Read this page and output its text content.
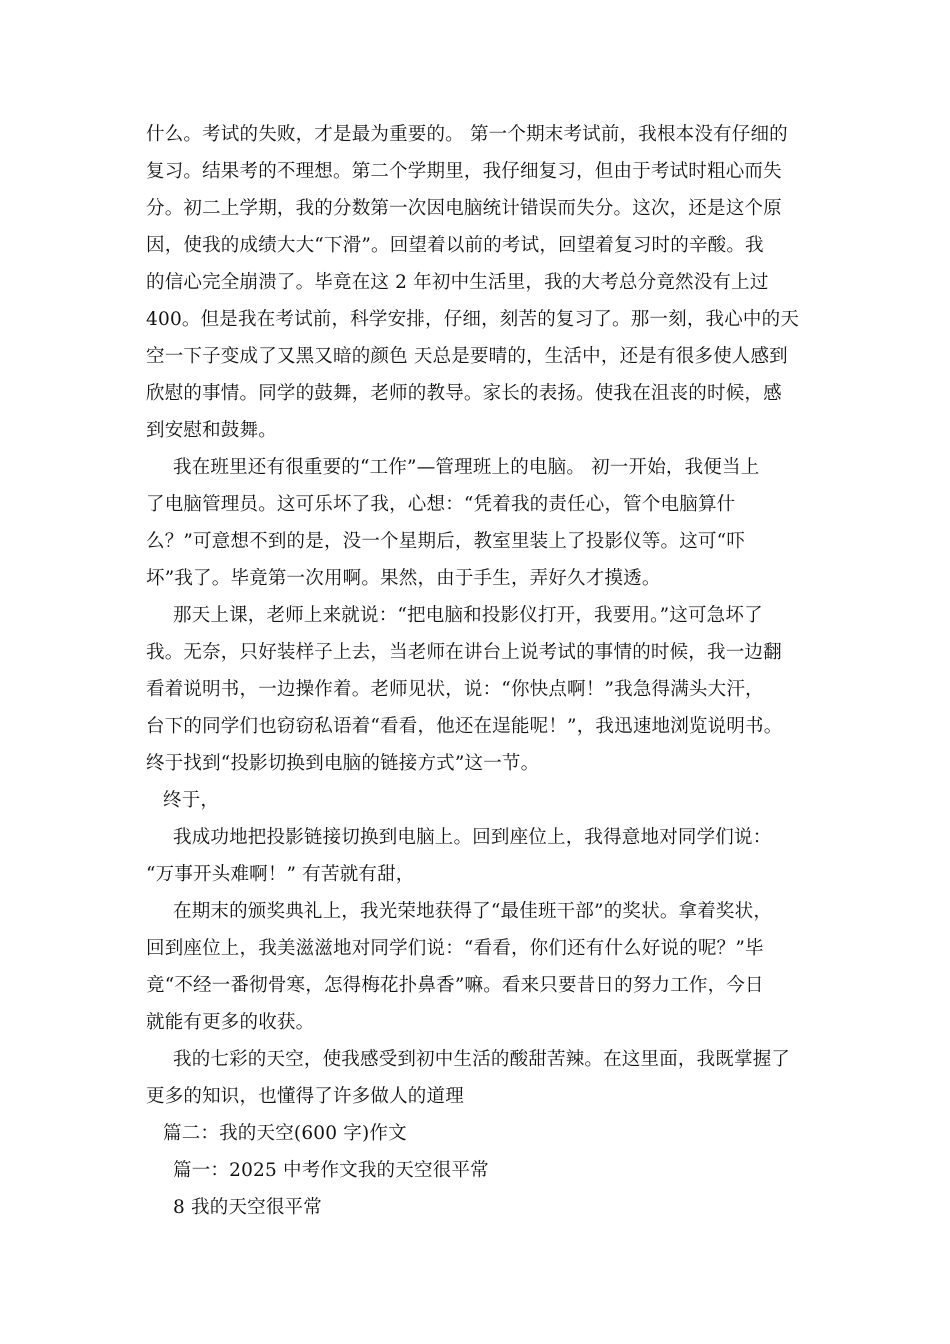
什么。考试的失败，才是最为重要的。 第一个期末考试前，我根本没有仔细的
复习。结果考的不理想。第二个学期里，我仔细复习，但由于考试时粗心而失
分。初二上学期，我的分数第一次因电脑统计错误而失分。这次，还是这个原
因，使我的成绩大大“下滑”。回望着以前的考试，回望着复习时的辛酸。我
的信心完全崩溃了。毕竟在这 2 年初中生活里，我的大考总分竟然没有上过
400。但是我在考试前，科学安排，仔细，刻苦的复习了。那一刻，我心中的天
空一下子变成了又黑又暗的颜色 天总是要晴的，生活中，还是有很多使人感到
欣慰的事情。同学的鼓舞，老师的教导。家长的表扬。使我在沮丧的时候，感
到安慰和鼓舞。
我在班里还有很重要的“工作”—管理班上的电脑。 初一开始，我便当上
了电脑管理员。这可乐坏了我，心想：“凭着我的责任心，管个电脑算什
么？”可意想不到的是，没一个星期后，教室里装上了投影仪等。这可“吓
坏”我了。毕竟第一次用啊。果然，由于手生，弄好久才摸透。
那天上课，老师上来就说：“把电脑和投影仪打开，我要用。”这可急坏了
我。无奈，只好装样子上去，当老师在讲台上说考试的事情的时候，我一边翻
看着说明书，一边操作着。老师见状，说：“你快点啊！”我急得满头大汗，
台下的同学们也窃窃私语着“看看，他还在逞能呢！”，我迅速地浏览说明书。
终于找到“投影切换到电脑的链接方式”这一节。
终于，
我成功地把投影链接切换到电脑上。回到座位上，我得意地对同学们说：
“万事开头难啊！” 有苦就有甜，
在期末的颁奖典礼上，我光荣地获得了“最佳班干部”的奖状。拿着奖状，
回到座位上，我美滋滋地对同学们说：“看看，你们还有什么好说的呢？”毕
竟“不经一番彻骨寒，怎得梅花扑鼻香”嘛。看来只要昔日的努力工作，今日
就能有更多的收获。
我的七彩的天空，使我感受到初中生活的酸甜苦辣。在这里面，我既掌握了
更多的知识，也懂得了许多做人的道理
篇二：我的天空(600 字)作文
篇一：2025 中考作文我的天空很平常
8 我的天空很平常
